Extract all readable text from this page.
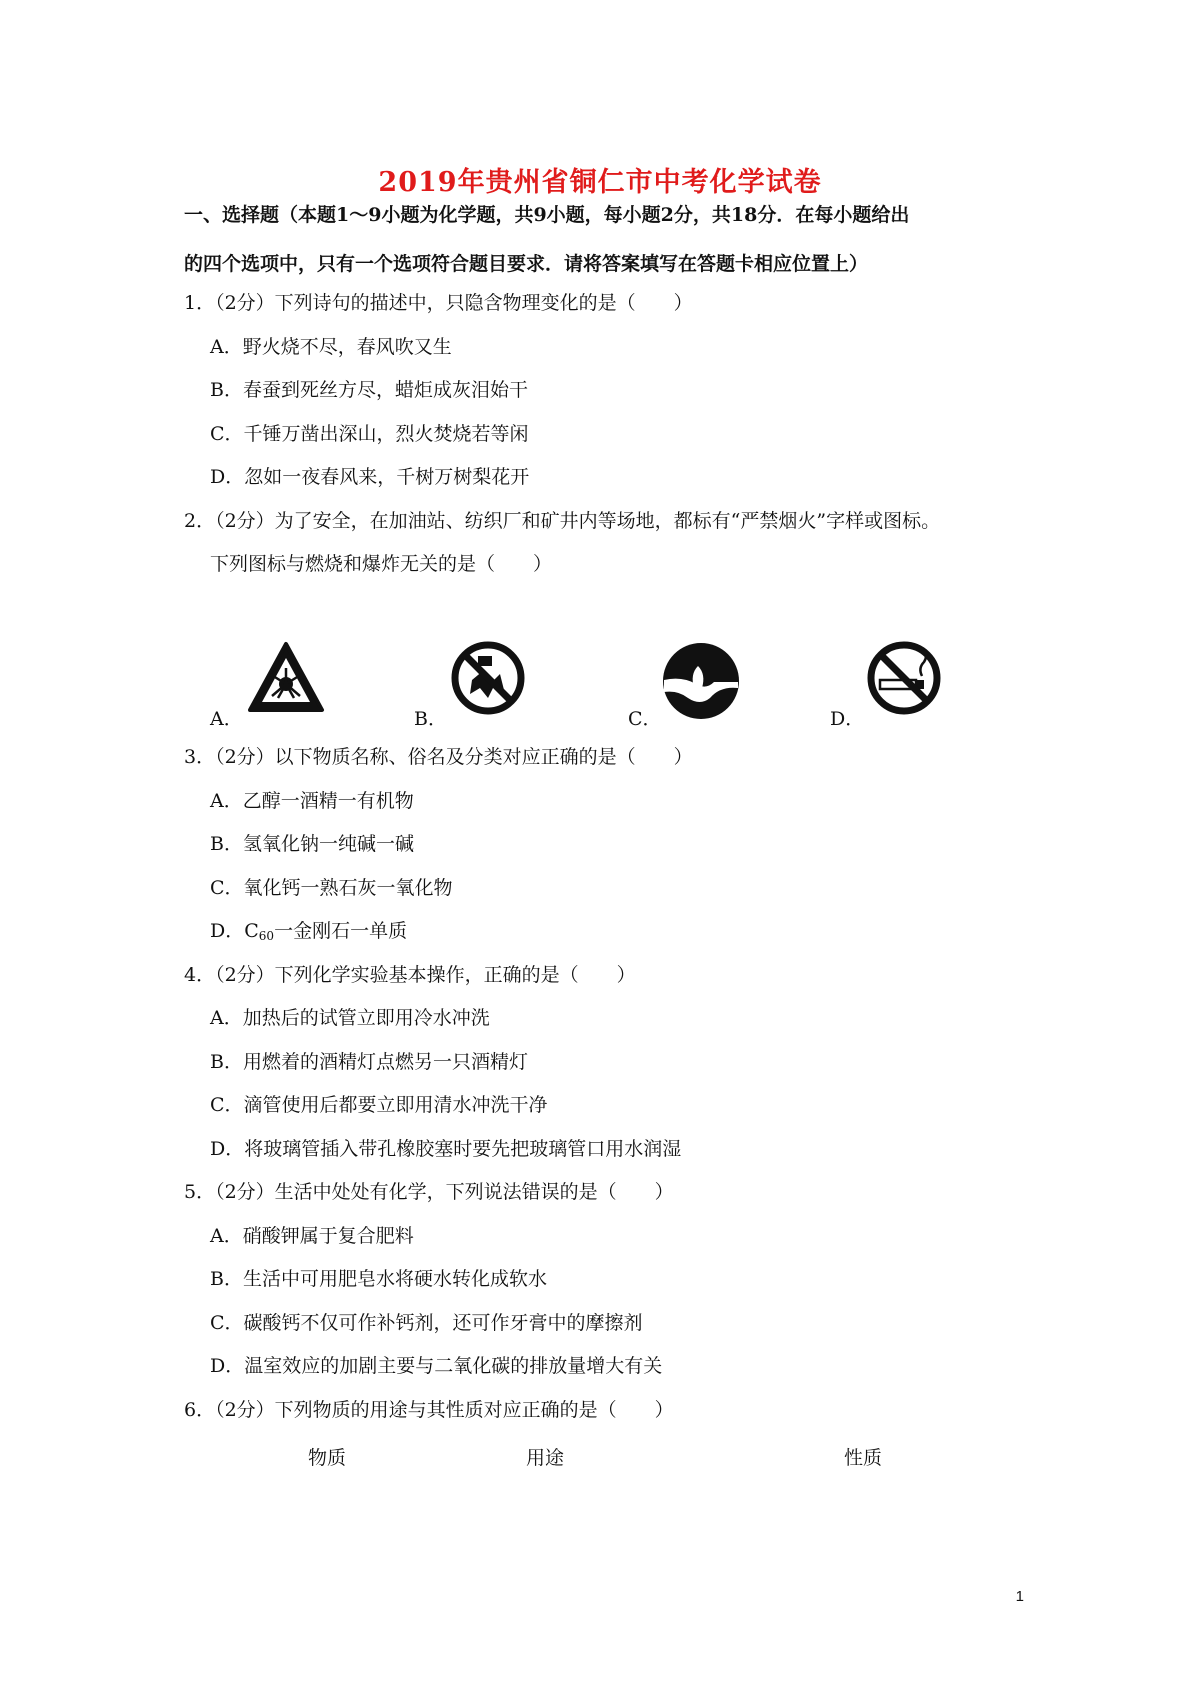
2019年贵州省铜仁市中考化学试卷
一、选择题（本题1～9小题为化学题，共9小题，每小题2分，共18分．在每小题给出
的四个选项中，只有一个选项符合题目要求．请将答案填写在答题卡相应位置上）
1．（2分）下列诗句的描述中，只隐含物理变化的是（　　）
A．野火烧不尽，春风吹又生
B．春蚕到死丝方尽，蜡炬成灰泪始干
C．千锤万凿出深山，烈火焚烧若等闲
D．忽如一夜春风来，千树万树梨花开
2．（2分）为了安全，在加油站、纺织厂和矿井内等场地，都标有“严禁烟火”字样或图标。
下列图标与燃烧和爆炸无关的是（　　）
A．	B．	C．	D．
3．（2分）以下物质名称、俗名及分类对应正确的是（　　）
A．乙醇一酒精一有机物
B．氢氧化钠一纯碱一碱
C．氧化钙一熟石灰一氧化物
D．$C_{60}$一金刚石一单质
4．（2分）下列化学实验基本操作，正确的是（　　）
A．加热后的试管立即用冷水冲洗
B．用燃着的酒精灯点燃另一只酒精灯
C．滴管使用后都要立即用清水冲洗干净
D．将玻璃管插入带孔橡胶塞时要先把玻璃管口用水润湿
5．（2分）生活中处处有化学，下列说法错误的是（　　）
A．硝酸钾属于复合肥料
B．生活中可用肥皂水将硬水转化成软水
C．碳酸钙不仅可作补钙剂，还可作牙膏中的摩擦剂
D．温室效应的加剧主要与二氧化碳的排放量增大有关
6．（2分）下列物质的用途与其性质对应正确的是（　　）
物质	用途	性质
1
